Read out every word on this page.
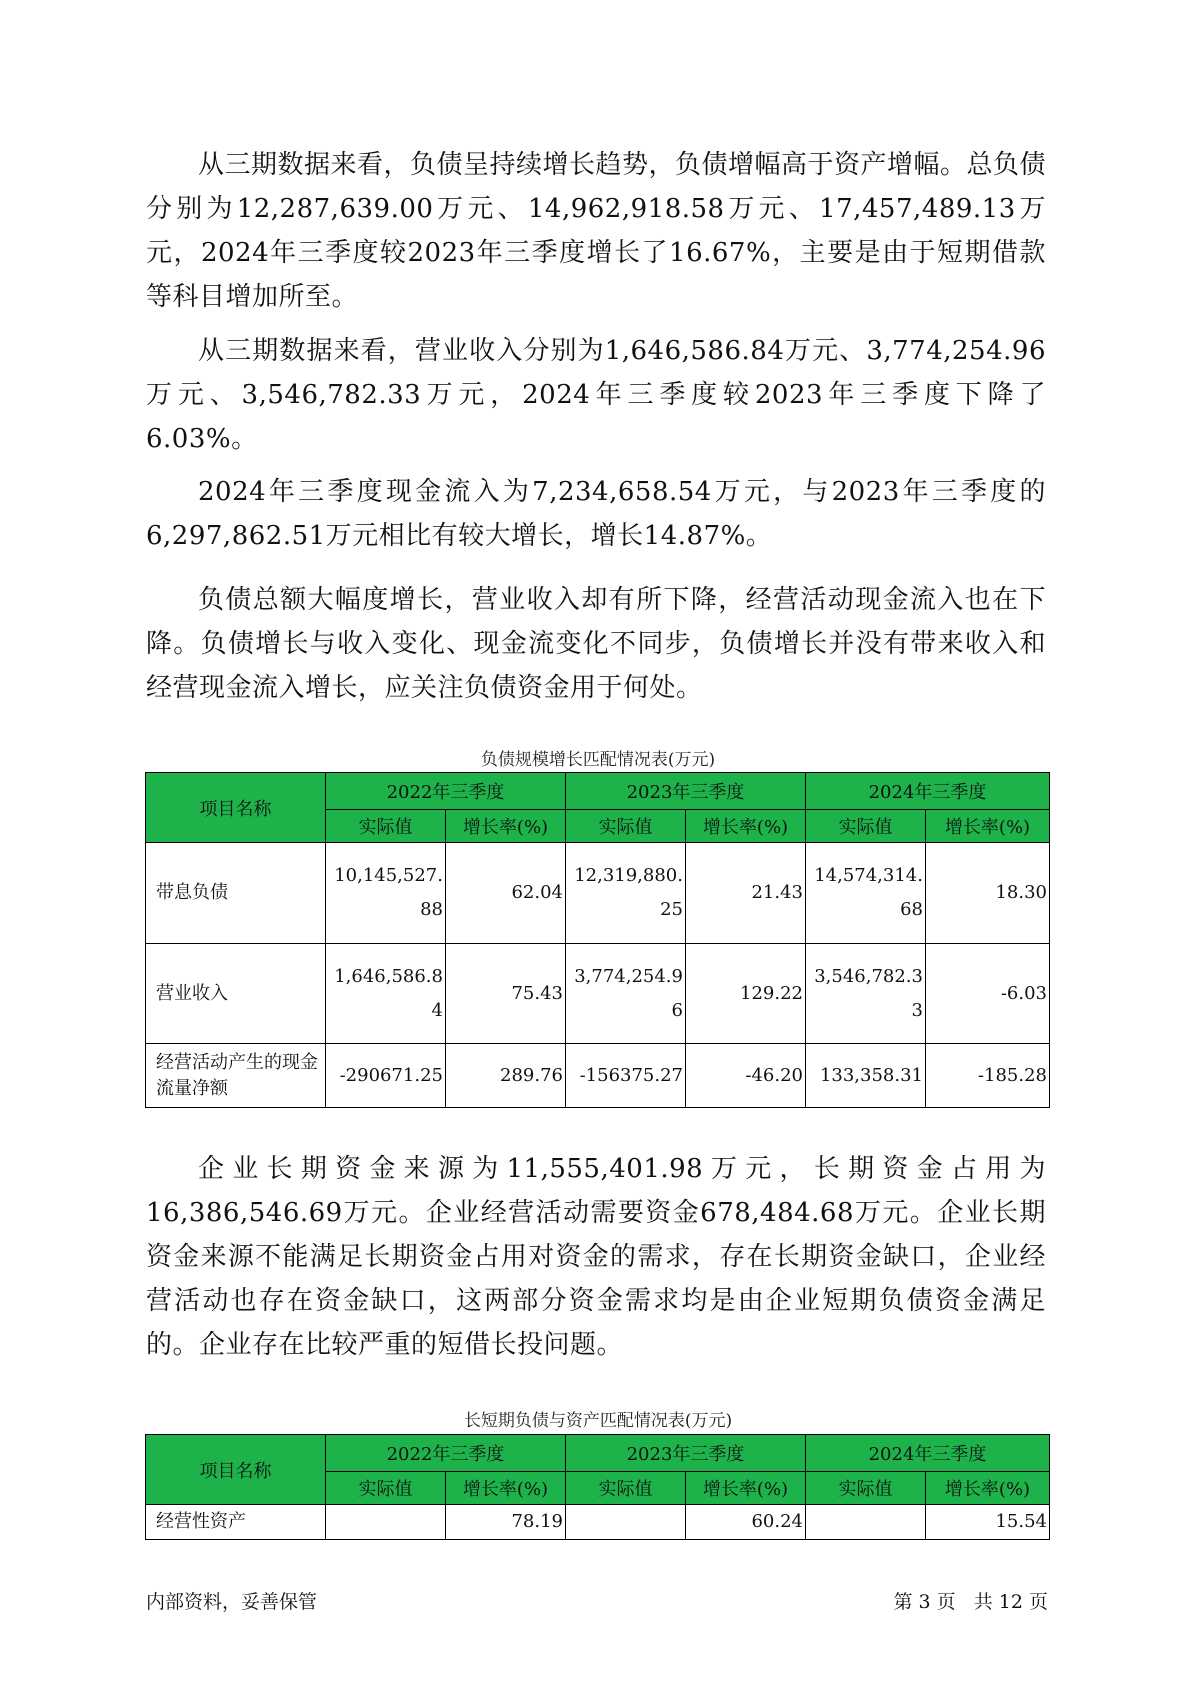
从三期数据来看，负债呈持续增长趋势，负债增幅高于资产增幅。总负债分别为12,287,639.00万元、14,962,918.58万元、17,457,489.13万元，2024年三季度较2023年三季度增长了16.67%，主要是由于短期借款等科目增加所至。

从三期数据来看，营业收入分别为1,646,586.84万元、3,774,254.96万元、3,546,782.33万元，2024年三季度较2023年三季度下降了6.03%。

2024年三季度现金流入为7,234,658.54万元，与2023年三季度的6,297,862.51万元相比有较大增长，增长14.87%。

负债总额大幅度增长，营业收入却有所下降，经营活动现金流入也在下降。负债增长与收入变化、现金流变化不同步，负债增长并没有带来收入和经营现金流入增长，应关注负债资金用于何处。

负债规模增长匹配情况表(万元)

项目名称	2022年三季度		2023年三季度		2024年三季度	
	实际值	增长率(%)	实际值	增长率(%)	实际值	增长率(%)
带息负债	10,145,527.88	62.04	12,319,880.25	21.43	14,574,314.68	18.30
营业收入	1,646,586.84	75.43	3,774,254.96	129.22	3,546,782.33	-6.03
经营活动产生的现金流量净额	-290671.25	289.76	-156375.27	-46.20	133,358.31	-185.28

企业长期资金来源为11,555,401.98万元，长期资金占用为16,386,546.69万元。企业经营活动需要资金678,484.68万元。企业长期资金来源不能满足长期资金占用对资金的需求，存在长期资金缺口，企业经营活动也存在资金缺口，这两部分资金需求均是由企业短期负债资金满足的。企业存在比较严重的短借长投问题。

长短期负债与资产匹配情况表(万元)

项目名称	2022年三季度		2023年三季度		2024年三季度	
	实际值	增长率(%)	实际值	增长率(%)	实际值	增长率(%)
经营性资产		78.19		60.24		15.54
内部资料，妥善保管	第 3 页   共 12 页
